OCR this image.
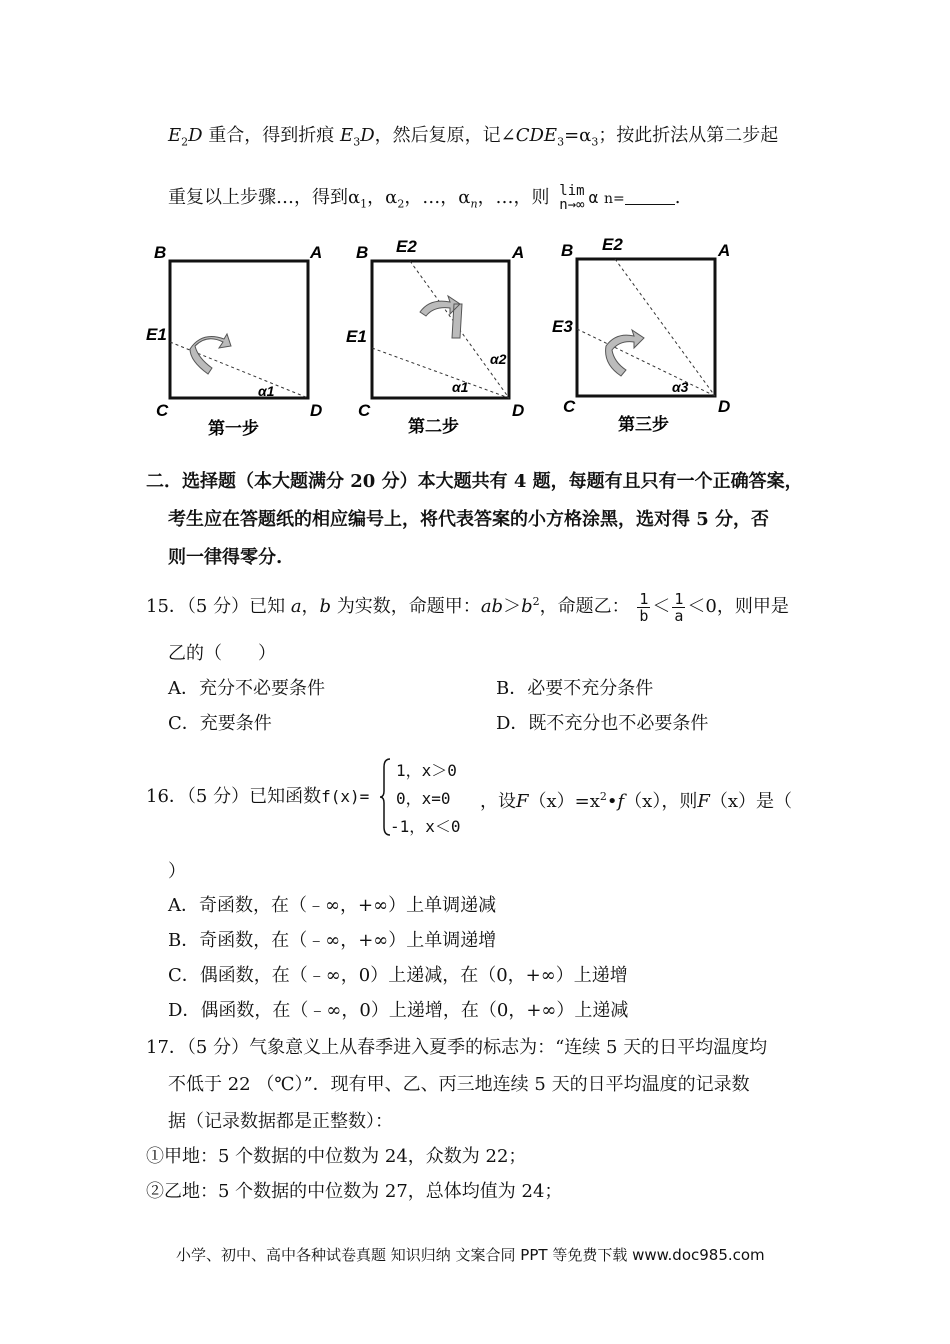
$E_2D$ 重合，得到折痕 $E_3D$，然后复原，记$\angle CDE_3=\alpha_3$；按此折法从第二步起
重复以上步骤…，得到$\alpha_1$，$\alpha_2$，…，$\alpha_n$，…，则 lim
n→∞ α n=	.
B	A
C	D
E1
α1
第一步
B E2	A
C	D
E1
α1
α2
第二步
B E2	A
C	D
E3
α3
第三步
二．选择题（本大题满分 20 分）本大题共有 4 题，每题有且只有一个正确答案，
考生应在答题纸的相应编号上，将代表答案的小方格涂黑，选对得 5 分，否
则一律得零分.
15．（5 分）已知 a，b 为实数，命题甲：$ab>b^2$，命题乙： $\frac{1}{b} < \frac{1}{a} <0$，则甲是
乙的（　　）
A．充分不必要条件	B．必要不充分条件
C．充要条件	D．既不充分也不必要条件
16．（5 分）已知函数f(x)=
1，x＞0
0，x=0
-1，x＜0
，设$F(x)=x^2•f(x)$，则F（x）是（
）
A．奇函数，在（﹣∞，+∞）上单调递减
B．奇函数，在（﹣∞，+∞）上单调递增
C．偶函数，在（﹣∞，0）上递减，在（0，+∞）上递增
D．偶函数，在（﹣∞，0）上递增，在（0，+∞）上递减
17．（5 分）气象意义上从春季进入夏季的标志为：“连续 5 天的日平均温度均
不低于 22 （℃）”．现有甲、乙、丙三地连续 5 天的日平均温度的记录数
据（记录数据都是正整数）：
①甲地：5 个数据的中位数为 24，众数为 22；
②乙地：5 个数据的中位数为 27，总体均值为 24；
小学、初中、高中各种试卷真题 知识归纳 文案合同 PPT 等免费下载 www.doc985.com
